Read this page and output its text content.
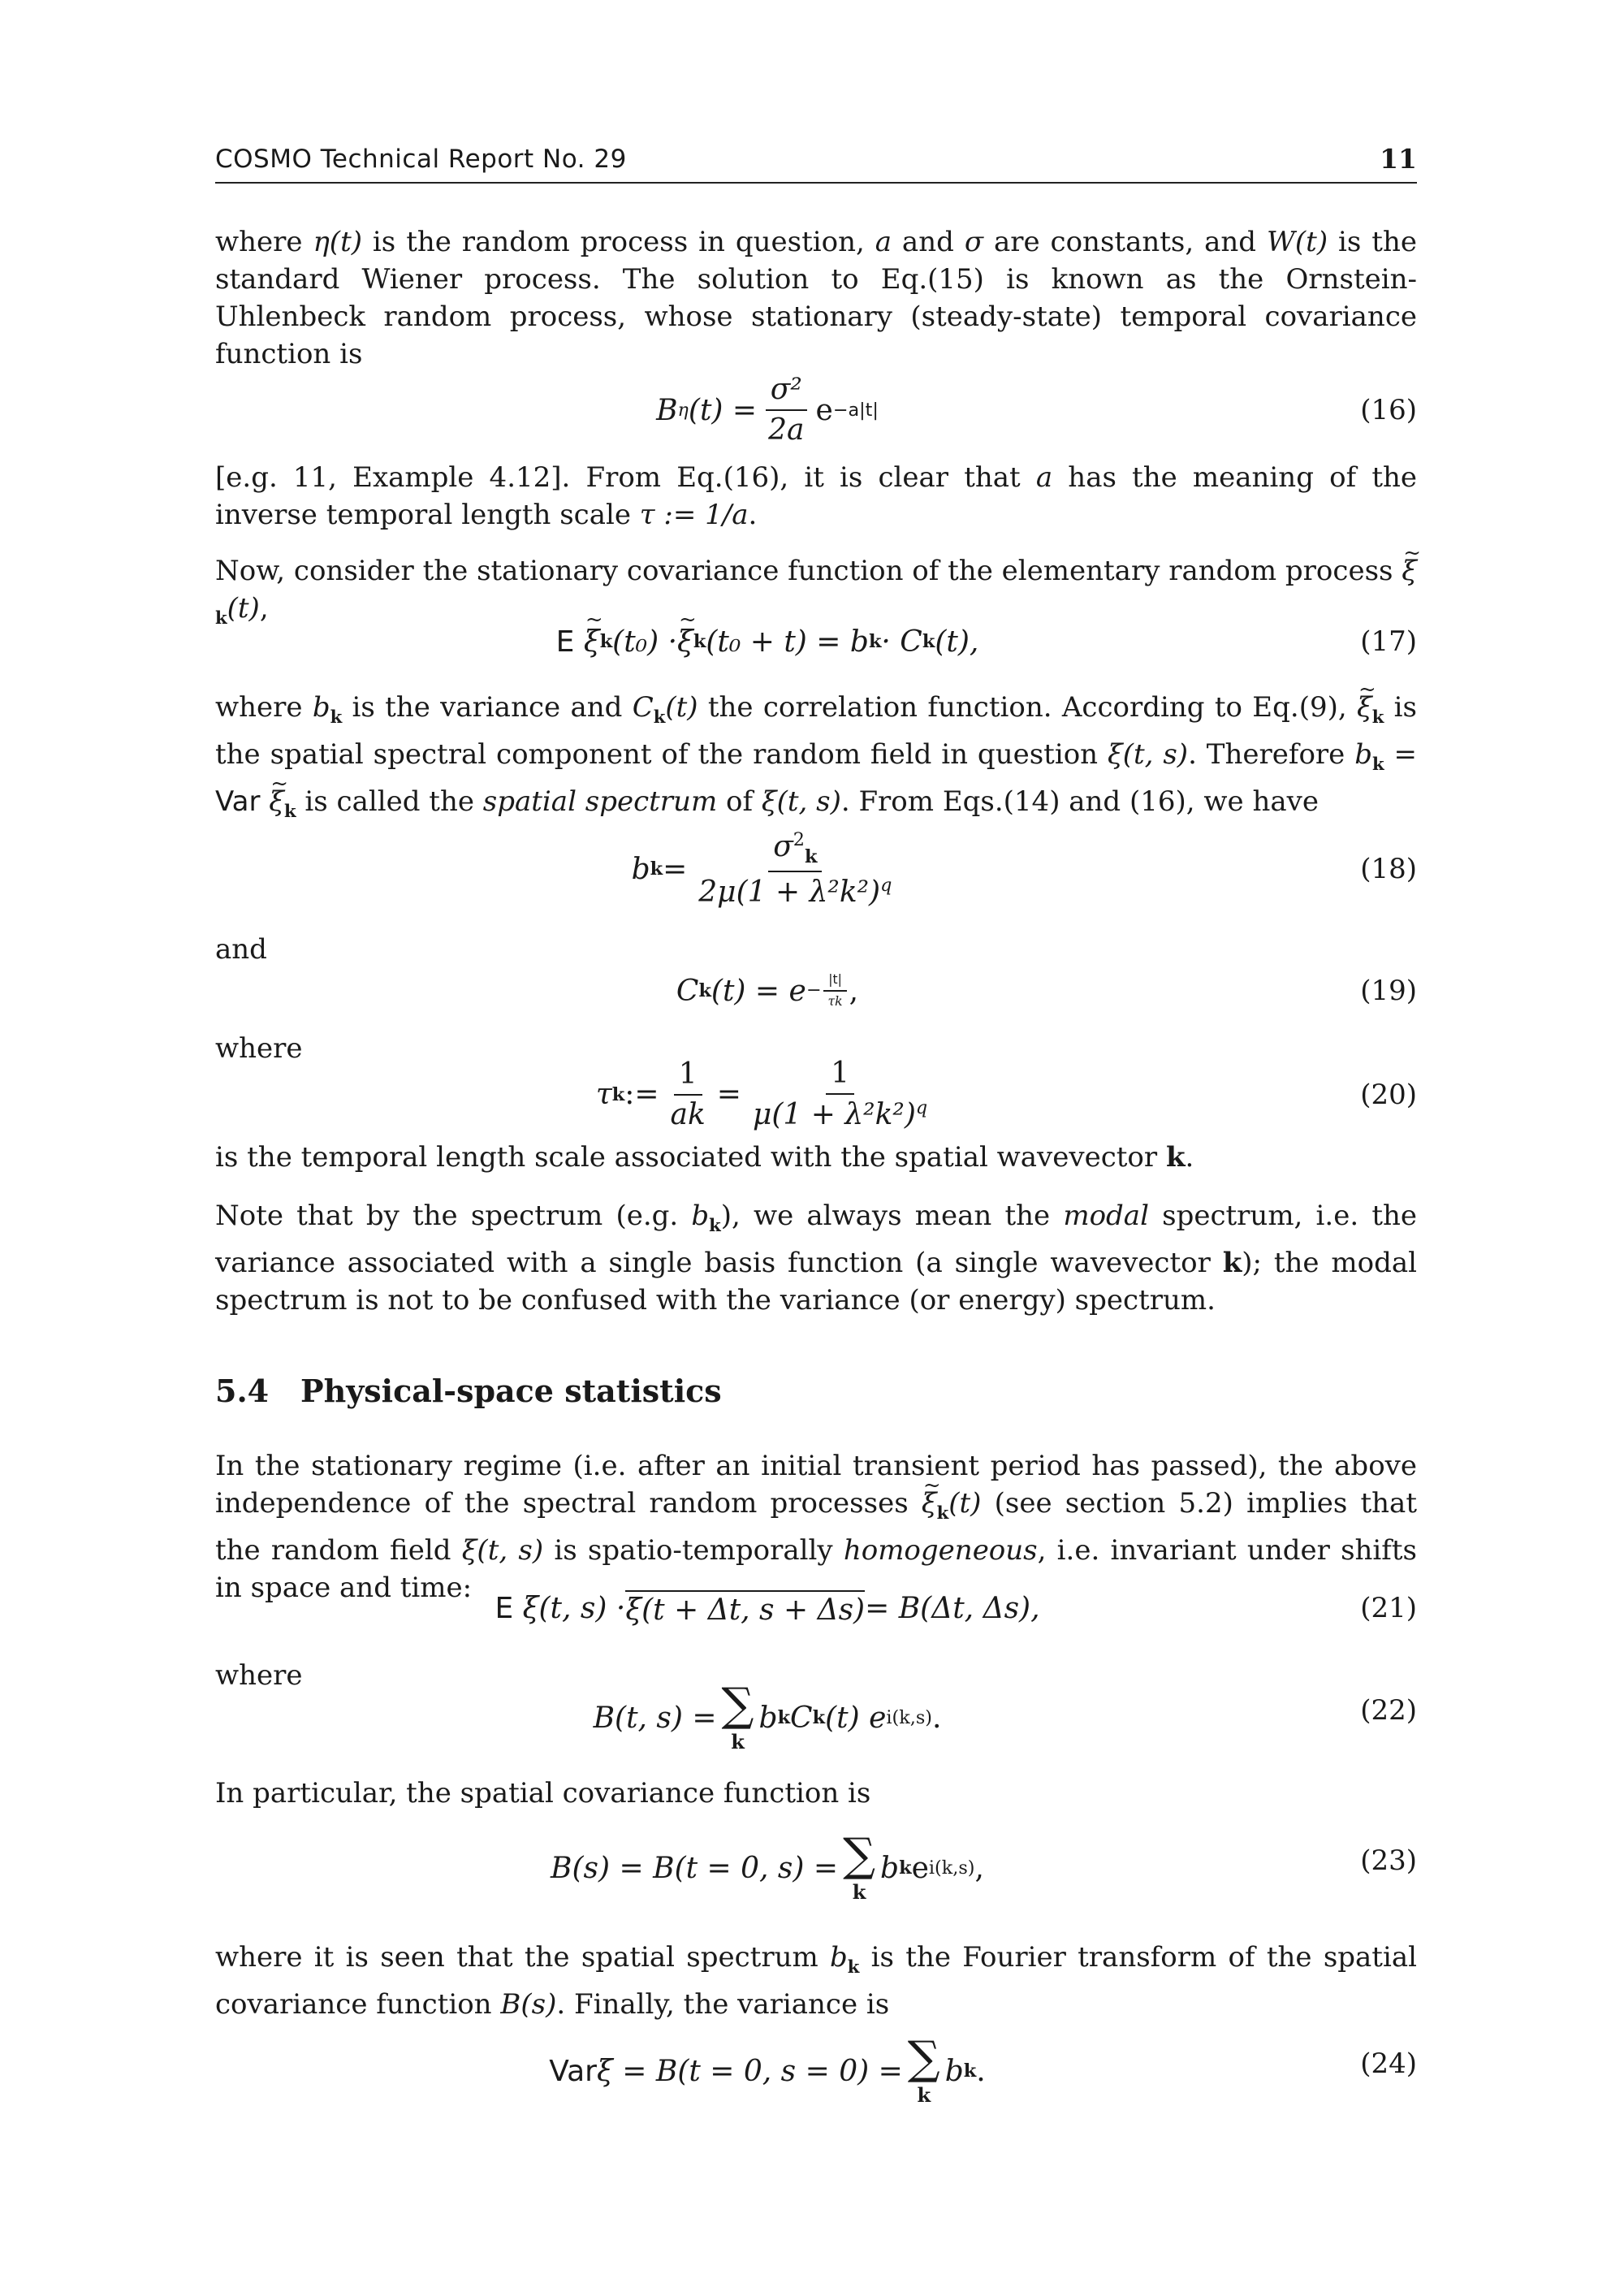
COSMO Technical Report No. 29	11

where η(t) is the random process in question, a and σ are constants, and W(t) is the standard Wiener process. The solution to Eq.(15) is known as the Ornstein-Uhlenbeck random process, whose stationary (steady-state) temporal covariance function is

B η $(t) = \frac{\text{σ²}}{2a}$ e −a|t|	(16)

[e.g. 11, Example 4.12]. From Eq.(16), it is clear that a has the meaning of the inverse temporal length scale τ := 1/a.

Now, consider the stationary covariance function of the elementary random process ~ $\xi_k(t)$,

E
~ ξ k (t₀) · ~ ξ k (t₀ + t) = b k · C k (t),	(17)

where $b_k$ is the variance and $C_k(t)$ the correlation function. According to Eq.(9), ~ $\xi_k$ is the spatial spectral component of the random field in question ξ(t, s). Therefore $b_k$ = Var ~ $\xi_k$ is called the spatial spectrum of ξ(t, s). From Eqs.(14) and (16), we have

b $k = \frac{\sigma^2_k}{2\mu(1 + \lambda^2k^2)^q}$	(18)

and

C k $(t) = e - \frac{|t|}{\tau k}$ ,	(19)

where

τ k := $\frac{1}{ak} = \frac{1}{\mu(1 + \lambda^2k^2)^q}$	(20)

is the temporal length scale associated with the spatial wavevector k.

Note that by the spectrum (e.g. $b_k$), we always mean the modal spectrum, i.e. the variance associated with a single basis function (a single wavevector k); the modal spectrum is not to be confused with the variance (or energy) spectrum.

5.4 Physical-space statistics

In the stationary regime (i.e. after an initial transient period has passed), the above independence of the spectral random processes ~ $\xi_k(t)$ (see section 5.2) implies that the random field ξ(t, s) is spatio-temporally homogeneous, i.e. invariant under shifts in space and time:

E
ξ(t, s) · ξ(t + Δt, s + Δs) = B(Δt, Δs),	(21)

where

B(t, s) = ∑
k
b k C k (t) e i(k,s) .	(22)

In particular, the spatial covariance function is

B(s) = B(t = 0, s) = ∑
k
b k e i(k,s) ,	(23)

where it is seen that the spatial spectrum $b_k$ is the Fourier transform of the spatial covariance function B(s). Finally, the variance is

Var ξ = B(t = 0, s = 0) = ∑
k
b k .	(24)
